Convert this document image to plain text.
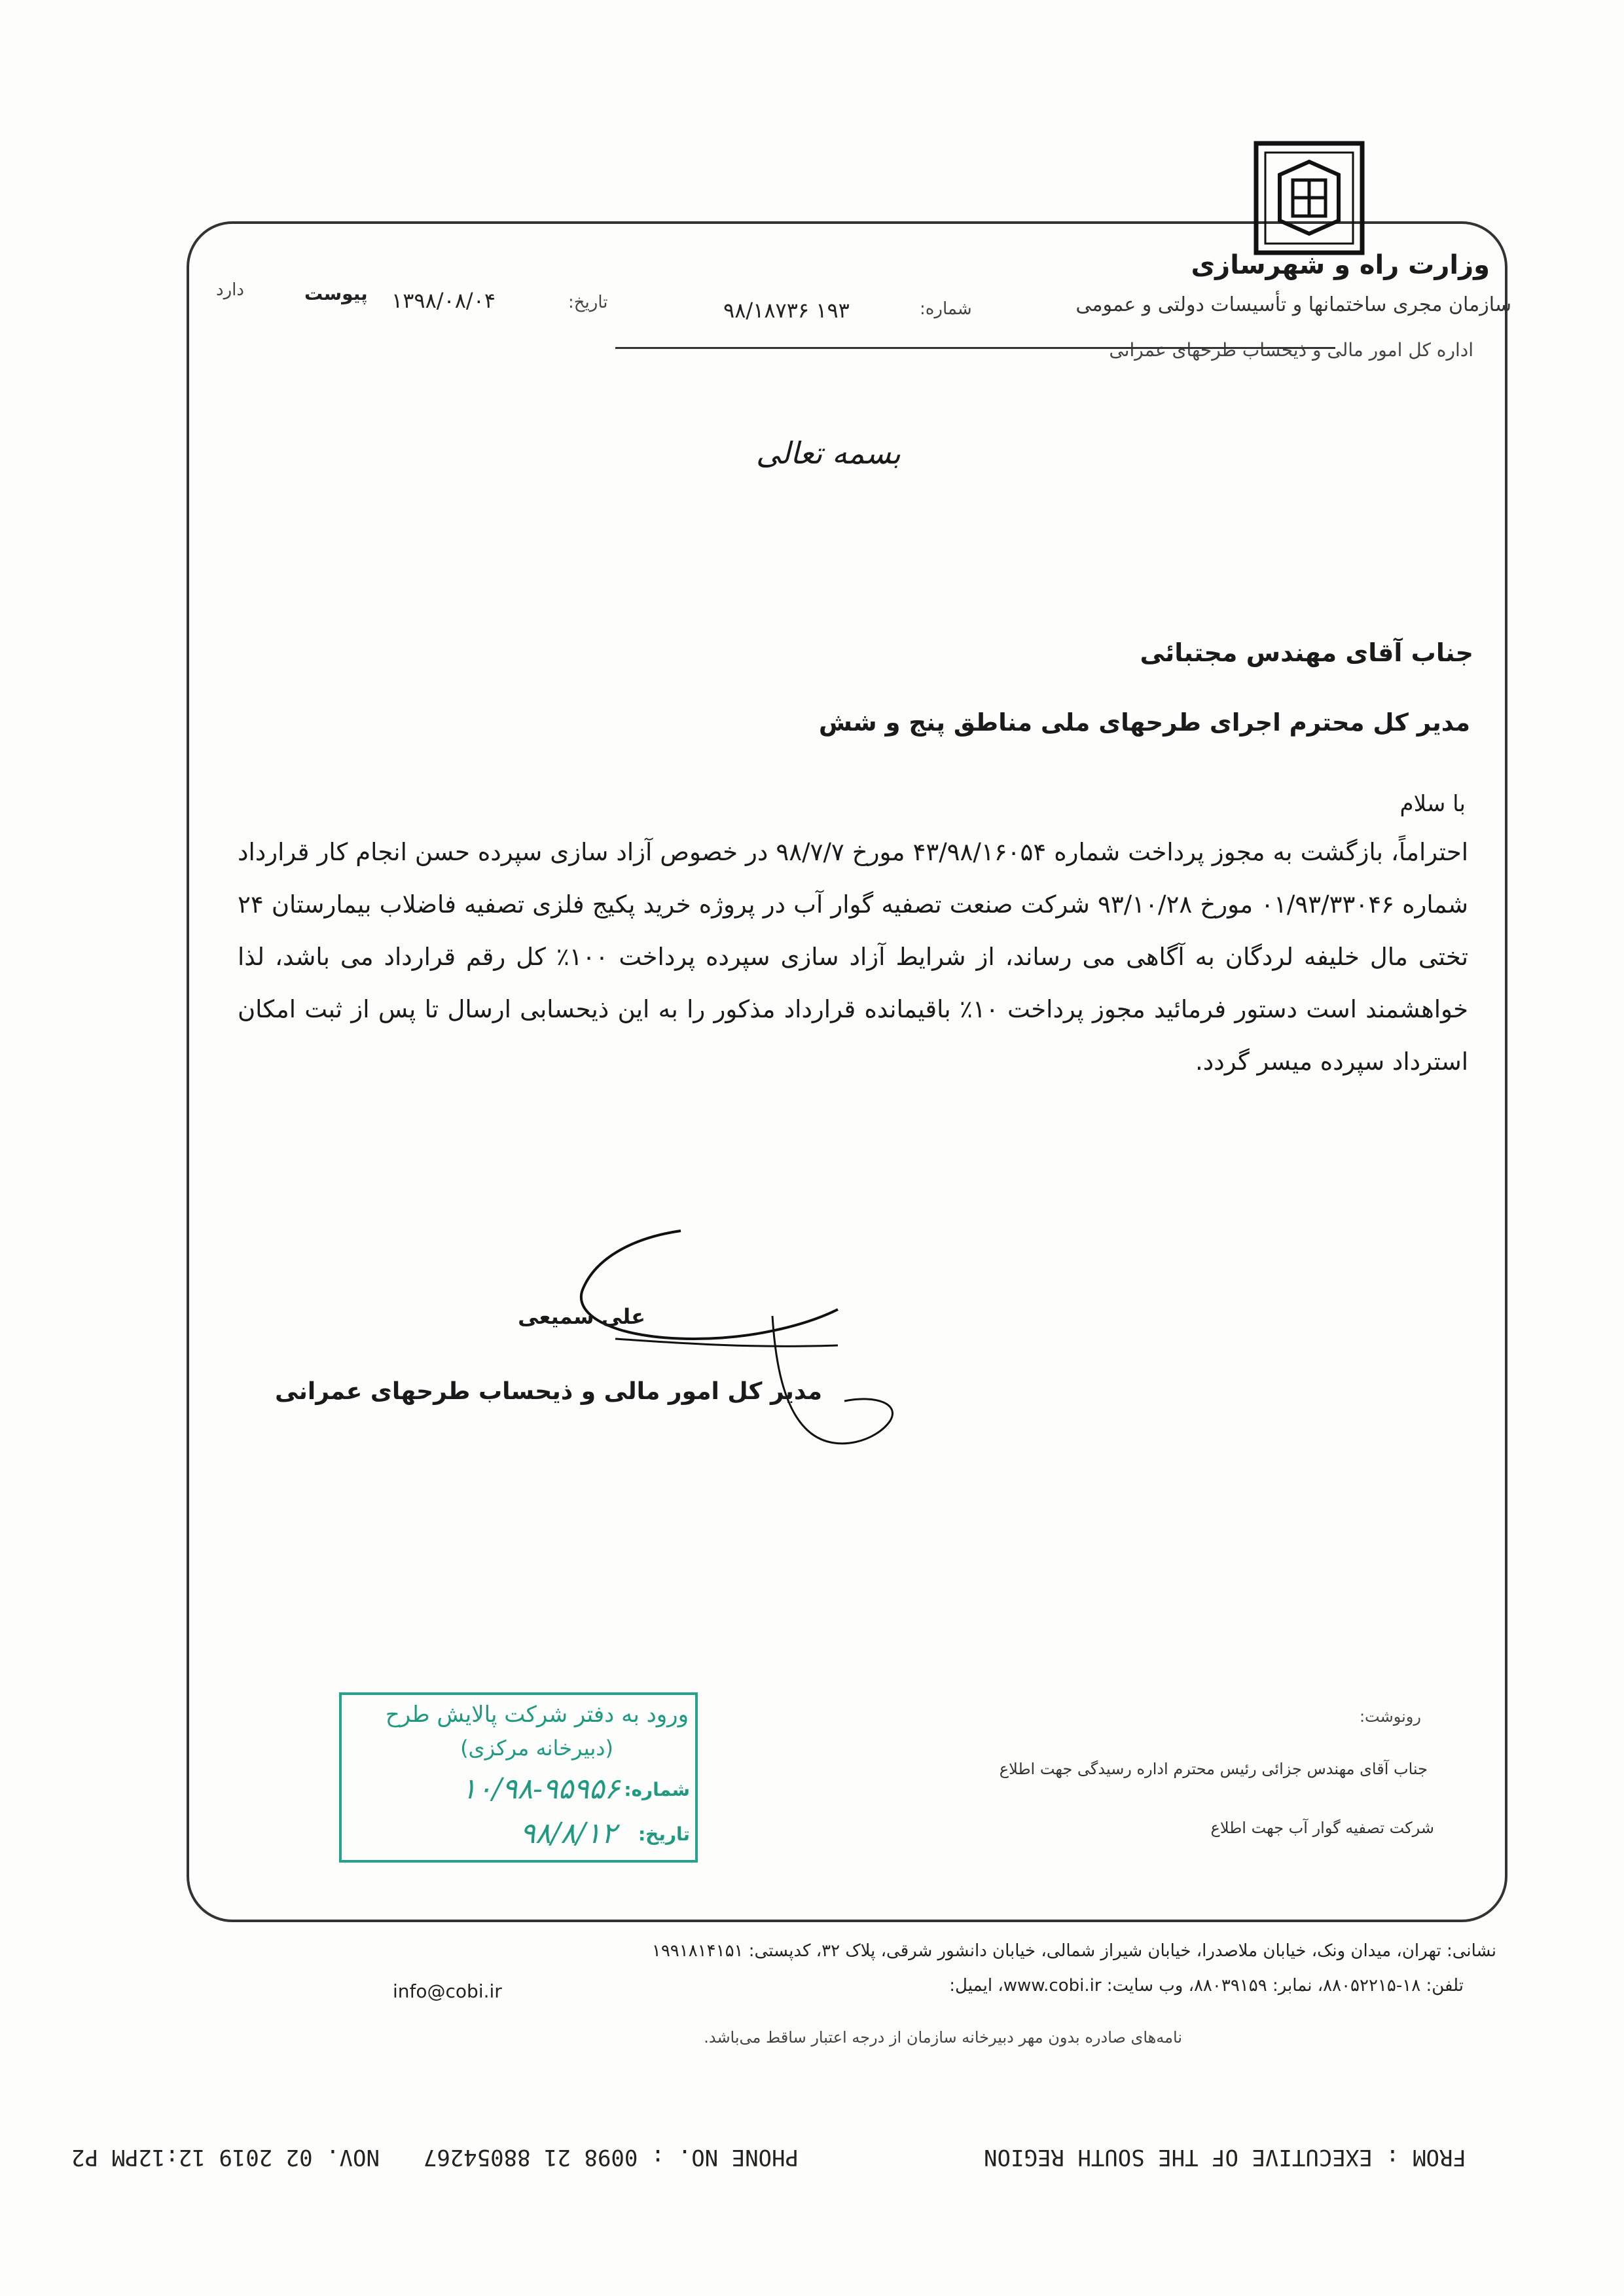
وزارت راه و شهرسازی
سازمان مجری ساختمانها و تأسیسات دولتی و عمومی
اداره کل امور مالی و ذیحساب طرحهای عمرانی
شماره:
۱۹۳ ۹۸/۱۸۷۳۶
تاریخ:
۱۳۹۸/۰۸/۰۴
پیوست
دارد
بسمه تعالی
جناب آقای مهندس مجتبائی
مدیر کل محترم اجرای طرحهای ملی مناطق پنج و شش
با سلام
احتراماً، بازگشت به مجوز پرداخت شماره ۴۳/۹۸/۱۶۰۵۴ مورخ ۹۸/۷/۷ در خصوص آزاد سازی سپرده حسن انجام کار قرارداد شماره ۰۱/۹۳/۳۳۰۴۶ مورخ ۹۳/۱۰/۲۸ شرکت صنعت تصفیه گوار آب در پروژه خرید پکیج فلزی تصفیه فاضلاب بیمارستان ۲۴ تختی مال خلیفه لردگان به آگاهی می رساند، از شرایط آزاد سازی سپرده پرداخت ۱۰۰٪ کل رقم قرارداد می باشد، لذا خواهشمند است دستور فرمائید مجوز پرداخت ۱۰٪ باقیمانده قرارداد مذکور را به این ذیحسابی ارسال تا پس از ثبت امکان استرداد سپرده میسر گردد.
علی سمیعی
مدیر کل امور مالی و ذیحساب طرحهای عمرانی
رونوشت:
جناب آقای مهندس جزائی رئیس محترم اداره رسیدگی جهت اطلاع
شرکت تصفیه گوار آب جهت اطلاع
ورود به دفتر شرکت پالایش طرح
(دبیرخانه مرکزی)
شماره:
۱۰/۹۸-۹۵۹۵۶
تاریخ:
۹۸/۸/۱۲
نشانی: تهران، میدان ونک، خیابان ملاصدرا، خیابان شیراز شمالی، خیابان دانشور شرقی، پلاک ۳۲، کدپستی: ۱۹۹۱۸۱۴۱۵۱
تلفن: ۱۸-۸۸۰۵۲۲۱۵، نمابر: ۸۸۰۳۹۱۵۹، وب سایت: www.cobi.ir، ایمیل:
info@cobi.ir
نامه‌های صادره بدون مهر دبیرخانه سازمان از درجه اعتبار ساقط می‌باشد.

FROM : EXECUTIVE OF THE SOUTH REGION

PHONE NO. : 0098 21 88054267

NOV. 02 2019 12:12PM P2
